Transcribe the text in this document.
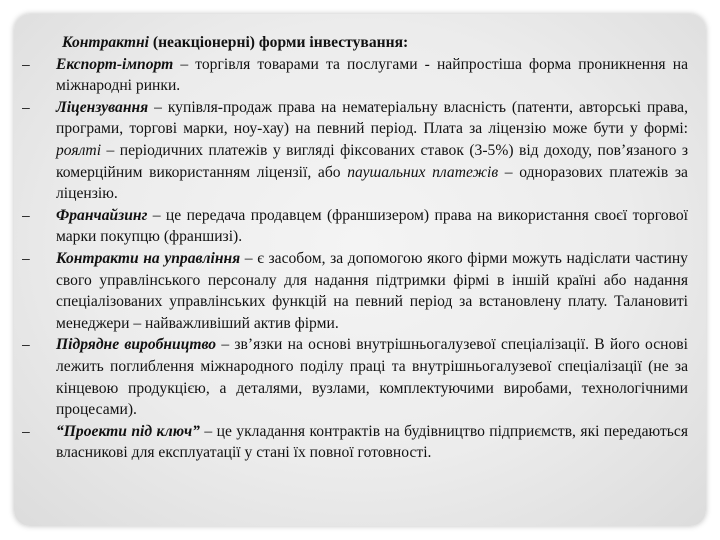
Контрактні (неакціонерні) форми інвестування:
–	Експорт-імпорт – торгівля товарами та послугами - найпростіша форма проникнення на міжнародні ринки.
–	Ліцензування – купівля-продаж права на нематеріальну власність (патенти, авторські права, програми, торгові марки, ноу-хау) на певний період. Плата за ліцензію може бути у формі: роялті – періодичних платежів у вигляді фіксованих ставок (3-5%) від доходу, пов’язаного з комерційним використанням ліцензії, або паушальних платежів – одноразових платежів за ліцензію.
–	Франчайзинг – це передача продавцем (франшизером) права на використання своєї торгової марки покупцю (франшизі).
–	Контракти на управління – є засобом, за допомогою якого фірми можуть надіслати частину свого управлінського персоналу для надання підтримки фірмі в іншій країні або надання спеціалізованих управлінських функцій на певний період за встановлену плату. Талановиті менеджери – найважливіший актив фірми.
–	Підрядне виробництво – зв’язки на основі внутрішньогалузевої спеціалізації. В його основі лежить поглиблення міжнародного поділу праці та внутрішньогалузевої спеціалізації (не за кінцевою продукцією, а деталями, вузлами, комплектуючими виробами, технологічними процесами).
–	“Проекти під ключ” – це укладання контрактів на будівництво підприємств, які передаються власникові для експлуатації у стані їх повної готовності.
